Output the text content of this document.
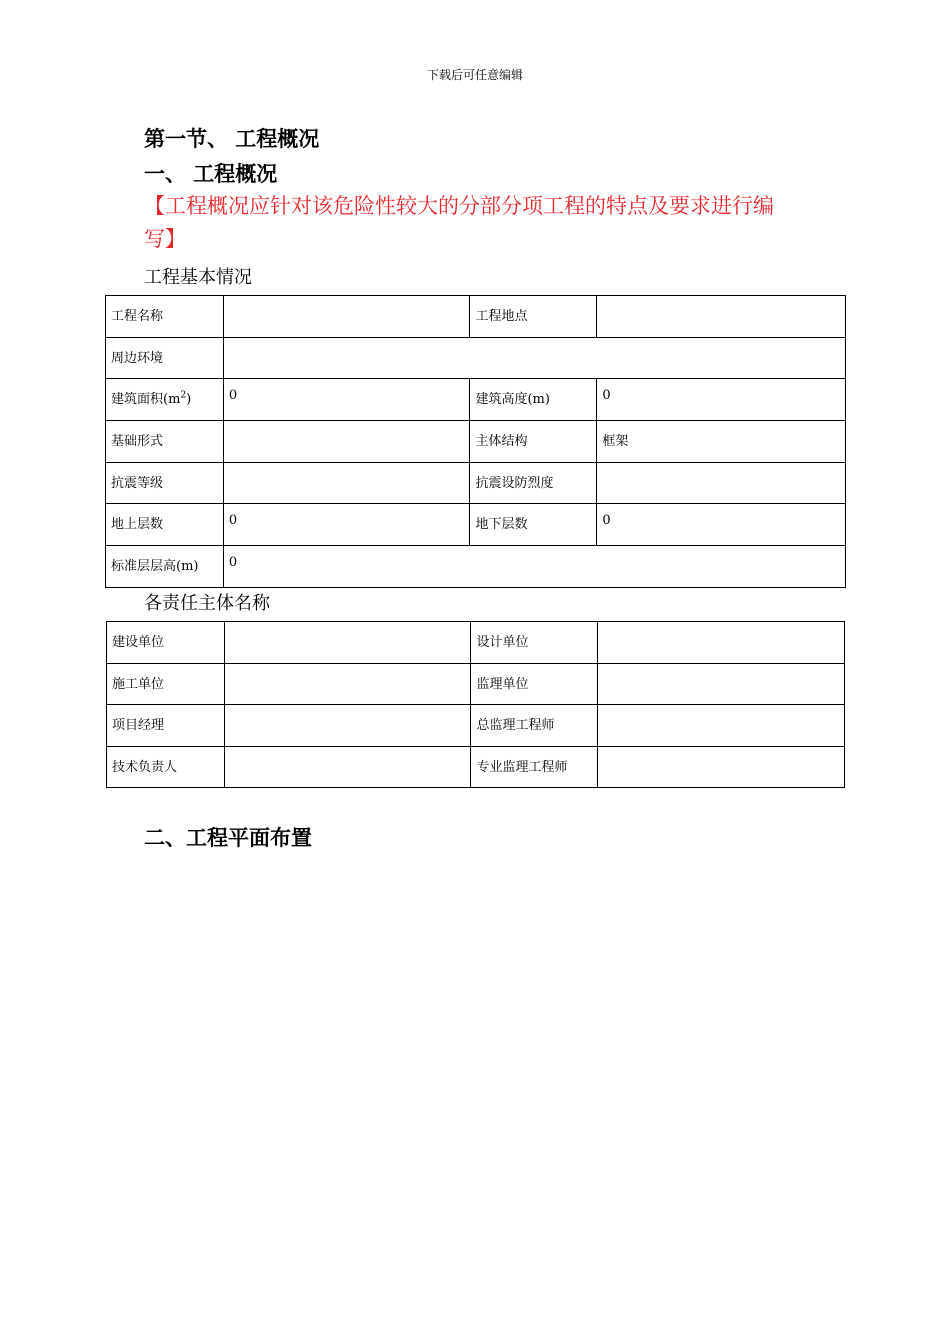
下载后可任意编辑
第一节、 工程概况
一、 工程概况
【工程概况应针对该危险性较大的分部分项工程的特点及要求进行编写】
工程基本情况
工程名称		工程地点	
周边环境			
建筑面积$(m^2)$	0	建筑高度(m)	0
基础形式		主体结构	框架
抗震等级		抗震设防烈度	
地上层数	0	地下层数	0
标准层层高(m)	0		
各责任主体名称
建设单位		设计单位	
施工单位		监理单位	
项目经理		总监理工程师	
技术负责人		专业监理工程师	
二、工程平面布置
